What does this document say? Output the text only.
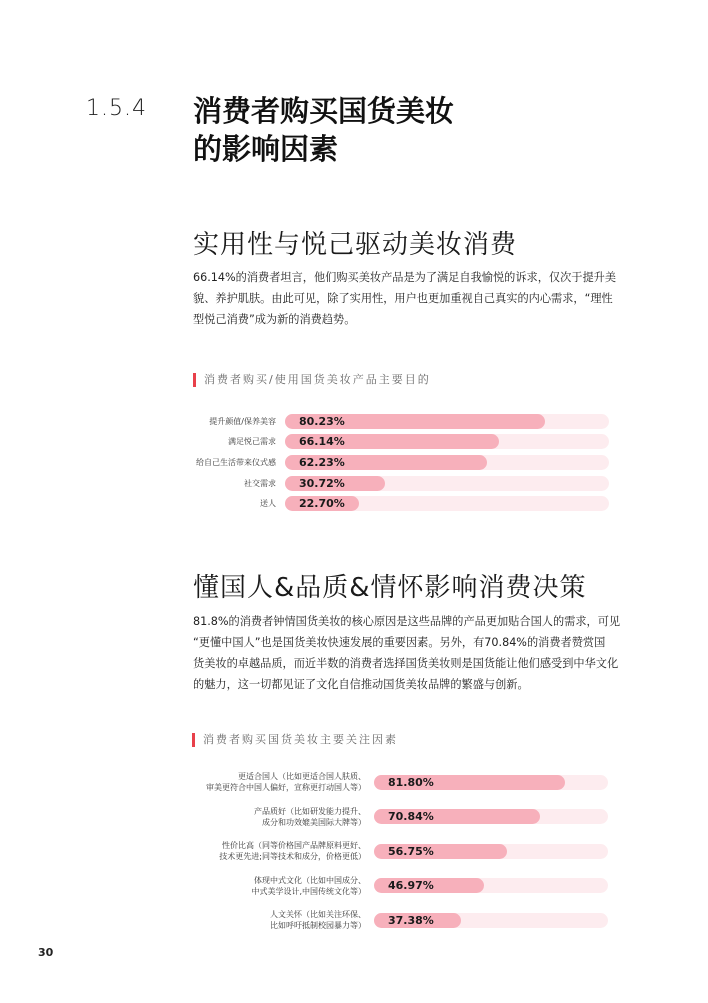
1.5.4 消费者购买国货美妆
的影响因素
实用性与悦己驱动美妆消费
66.14%的消费者坦言，他们购买美妆产品是为了满足自我愉悦的诉求，仅次于提升美
貌、养护肌肤。由此可见，除了实用性，用户也更加重视自己真实的内心需求，“理性
型悦己消费”成为新的消费趋势。
消费者购买/使用国货美妆产品主要目的
提升颜值/保养美容 80.23%
满足悦己需求 66.14%
给自己生活带来仪式感 62.23%
社交需求 30.72%
送人 22.70%
懂国人&品质&情怀影响消费决策
81.8%的消费者钟情国货美妆的核心原因是这些品牌的产品更加贴合国人的需求，可见
“更懂中国人”也是国货美妆快速发展的重要因素。另外，有70.84%的消费者赞赏国
货美妆的卓越品质，而近半数的消费者选择国货美妆则是国货能让他们感受到中华文化
的魅力，这一切都见证了文化自信推动国货美妆品牌的繁盛与创新。
消费者购买国货美妆主要关注因素
更适合国人（比如更适合国人肤质、
审美更符合中国人偏好，宣称更打动国人等） 81.80%
产品质好（比如研发能力提升、
成分和功效媲美国际大牌等） 70.84%
性价比高（同等价格国产品牌原料更好、
技术更先进;同等技术和成分，价格更低） 56.75%
体现中式文化（比如中国成分、
中式美学设计,中国传统文化等） 46.97%
人文关怀（比如关注环保、
比如呼吁抵制校园暴力等） 37.38%
30
